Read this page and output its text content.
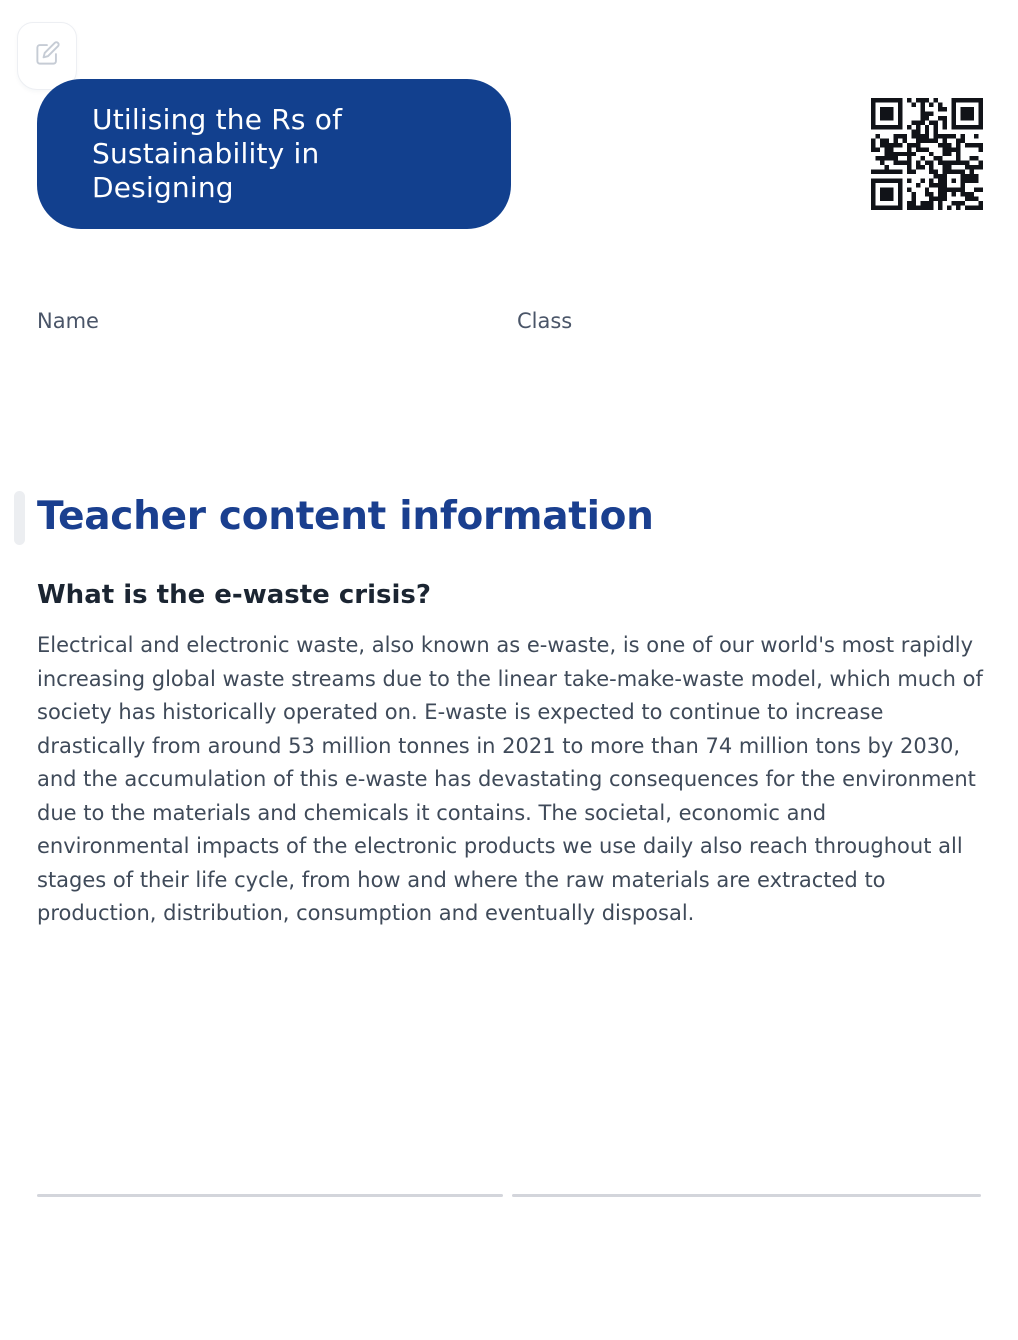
Utilising the Rs of Sustainability in Designing
Name	Class
Teacher content information
What is the e-waste crisis?

Electrical and electronic waste, also known as e-waste, is one of our world's most rapidly increasing global waste streams due to the linear take-make-waste model, which much of society has historically operated on. E-waste is expected to continue to increase drastically from around 53 million tonnes in 2021 to more than 74 million tons by 2030, and the accumulation of this e-waste has devastating consequences for the environment due to the materials and chemicals it contains. The societal, economic and environmental impacts of the electronic products we use daily also reach throughout all stages of their life cycle, from how and where the raw materials are extracted to production, distribution, consumption and eventually disposal.
